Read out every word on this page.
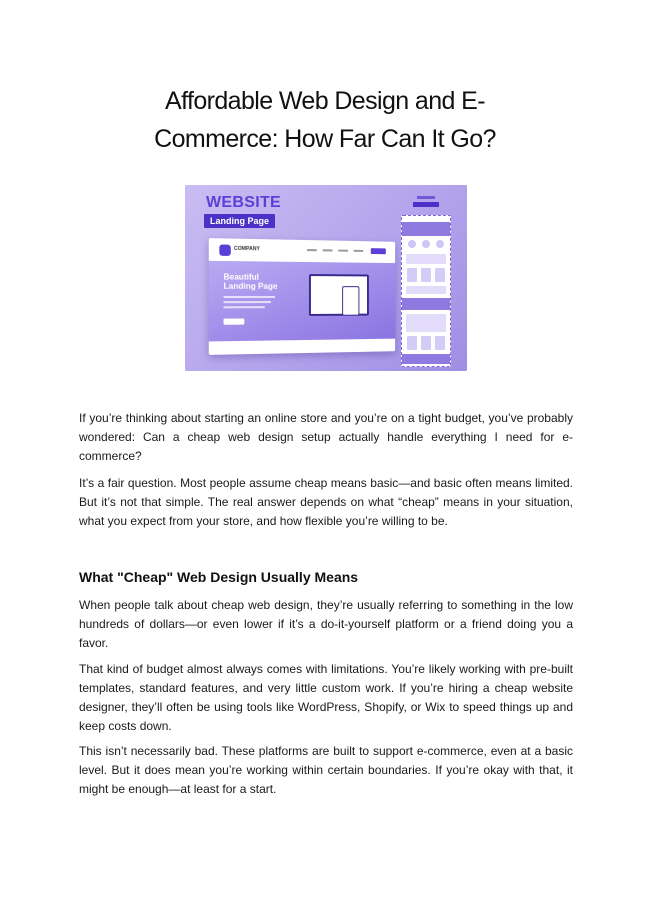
Affordable Web Design and E-
Commerce: How Far Can It Go?
WEBSITE
Landing Page
COMPANY
Beautiful
Landing Page

If you’re thinking about starting an online store and you’re on a tight budget, you’ve probably wondered: Can a cheap web design setup actually handle everything I need for e-commerce?

It’s a fair question. Most people assume cheap means basic—and basic often means limited. But it’s not that simple. The real answer depends on what “cheap” means in your situation, what you expect from your store, and how flexible you’re willing to be.

What "Cheap" Web Design Usually Means

When people talk about cheap web design, they’re usually referring to something in the low hundreds of dollars—or even lower if it’s a do-it-yourself platform or a friend doing you a favor.

That kind of budget almost always comes with limitations. You’re likely working with pre-built templates, standard features, and very little custom work. If you’re hiring a cheap website designer, they’ll often be using tools like WordPress, Shopify, or Wix to speed things up and keep costs down.

This isn’t necessarily bad. These platforms are built to support e-commerce, even at a basic level. But it does mean you’re working within certain boundaries. If you’re okay with that, it might be enough—at least for a start.
